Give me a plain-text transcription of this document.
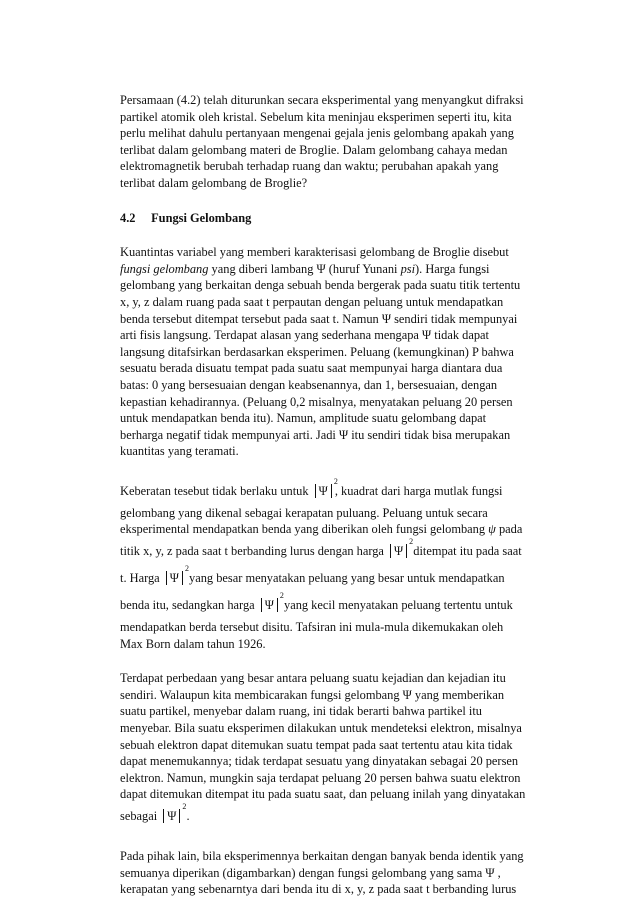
Persamaan (4.2) telah diturunkan secara eksperimental yang menyangkut difraksi
partikel atomik oleh kristal. Sebelum kita meninjau eksperimen seperti itu, kita
perlu melihat dahulu pertanyaan mengenai gejala jenis gelombang apakah yang
terlibat dalam gelombang materi de Broglie. Dalam gelombang cahaya medan
elektromagnetik berubah terhadap ruang dan waktu; perubahan apakah yang
terlibat dalam gelombang de Broglie?
4.2 Fungsi Gelombang
Kuantintas variabel yang memberi karakterisasi gelombang de Broglie disebut
fungsi gelombang yang diberi lambang Ψ (huruf Yunani psi). Harga fungsi
gelombang yang berkaitan denga sebuah benda bergerak pada suatu titik tertentu
x, y, z dalam ruang pada saat t perpautan dengan peluang untuk mendapatkan
benda tersebut ditempat tersebut pada saat t. Namun Ψ sendiri tidak mempunyai
arti fisis langsung. Terdapat alasan yang sederhana mengapa Ψ tidak dapat
langsung ditafsirkan berdasarkan eksperimen. Peluang (kemungkinan) P bahwa
sesuatu berada disuatu tempat pada suatu saat mempunyai harga diantara dua
batas: 0 yang bersesuaian dengan keabsenannya, dan 1, bersesuaian, dengan
kepastian kehadirannya. (Peluang 0,2 misalnya, menyatakan peluang 20 persen
untuk mendapatkan benda itu). Namun, amplitude suatu gelombang dapat
berharga negatif tidak mempunyai arti. Jadi Ψ itu sendiri tidak bisa merupakan
kuantitas yang teramati.
Keberatan tesebut tidak berlaku untuk Ψ
2
, kuadrat dari harga mutlak fungsi
gelombang yang dikenal sebagai kerapatan puluang. Peluang untuk secara
eksperimental mendapatkan benda yang diberikan oleh fungsi gelombang ψ pada
titik x, y, z pada saat t berbanding lurus dengan harga Ψ
2
ditempat itu pada saat
t. Harga Ψ
2
yang besar menyatakan peluang yang besar untuk mendapatkan
benda itu, sedangkan harga Ψ
2
yang kecil menyatakan peluang tertentu untuk
mendapatkan berda tersebut disitu. Tafsiran ini mula-mula dikemukakan oleh
Max Born dalam tahun 1926.
Terdapat perbedaan yang besar antara peluang suatu kejadian dan kejadian itu
sendiri. Walaupun kita membicarakan fungsi gelombang Ψ yang memberikan
suatu partikel, menyebar dalam ruang, ini tidak berarti bahwa partikel itu
menyebar. Bila suatu eksperimen dilakukan untuk mendeteksi elektron, misalnya
sebuah elektron dapat ditemukan suatu tempat pada saat tertentu atau kita tidak
dapat menemukannya; tidak terdapat sesuatu yang dinyatakan sebagai 20 persen
elektron. Namun, mungkin saja terdapat peluang 20 persen bahwa suatu elektron
dapat ditemukan ditempat itu pada suatu saat, dan peluang inilah yang dinyatakan
sebagai Ψ
2
.
Pada pihak lain, bila eksperimennya berkaitan dengan banyak benda identik yang
semuanya diperikan (digambarkan) dengan fungsi gelombang yang sama Ψ ,
kerapatan yang sebenarntya dari benda itu di x, y, z pada saat t berbanding lurus
